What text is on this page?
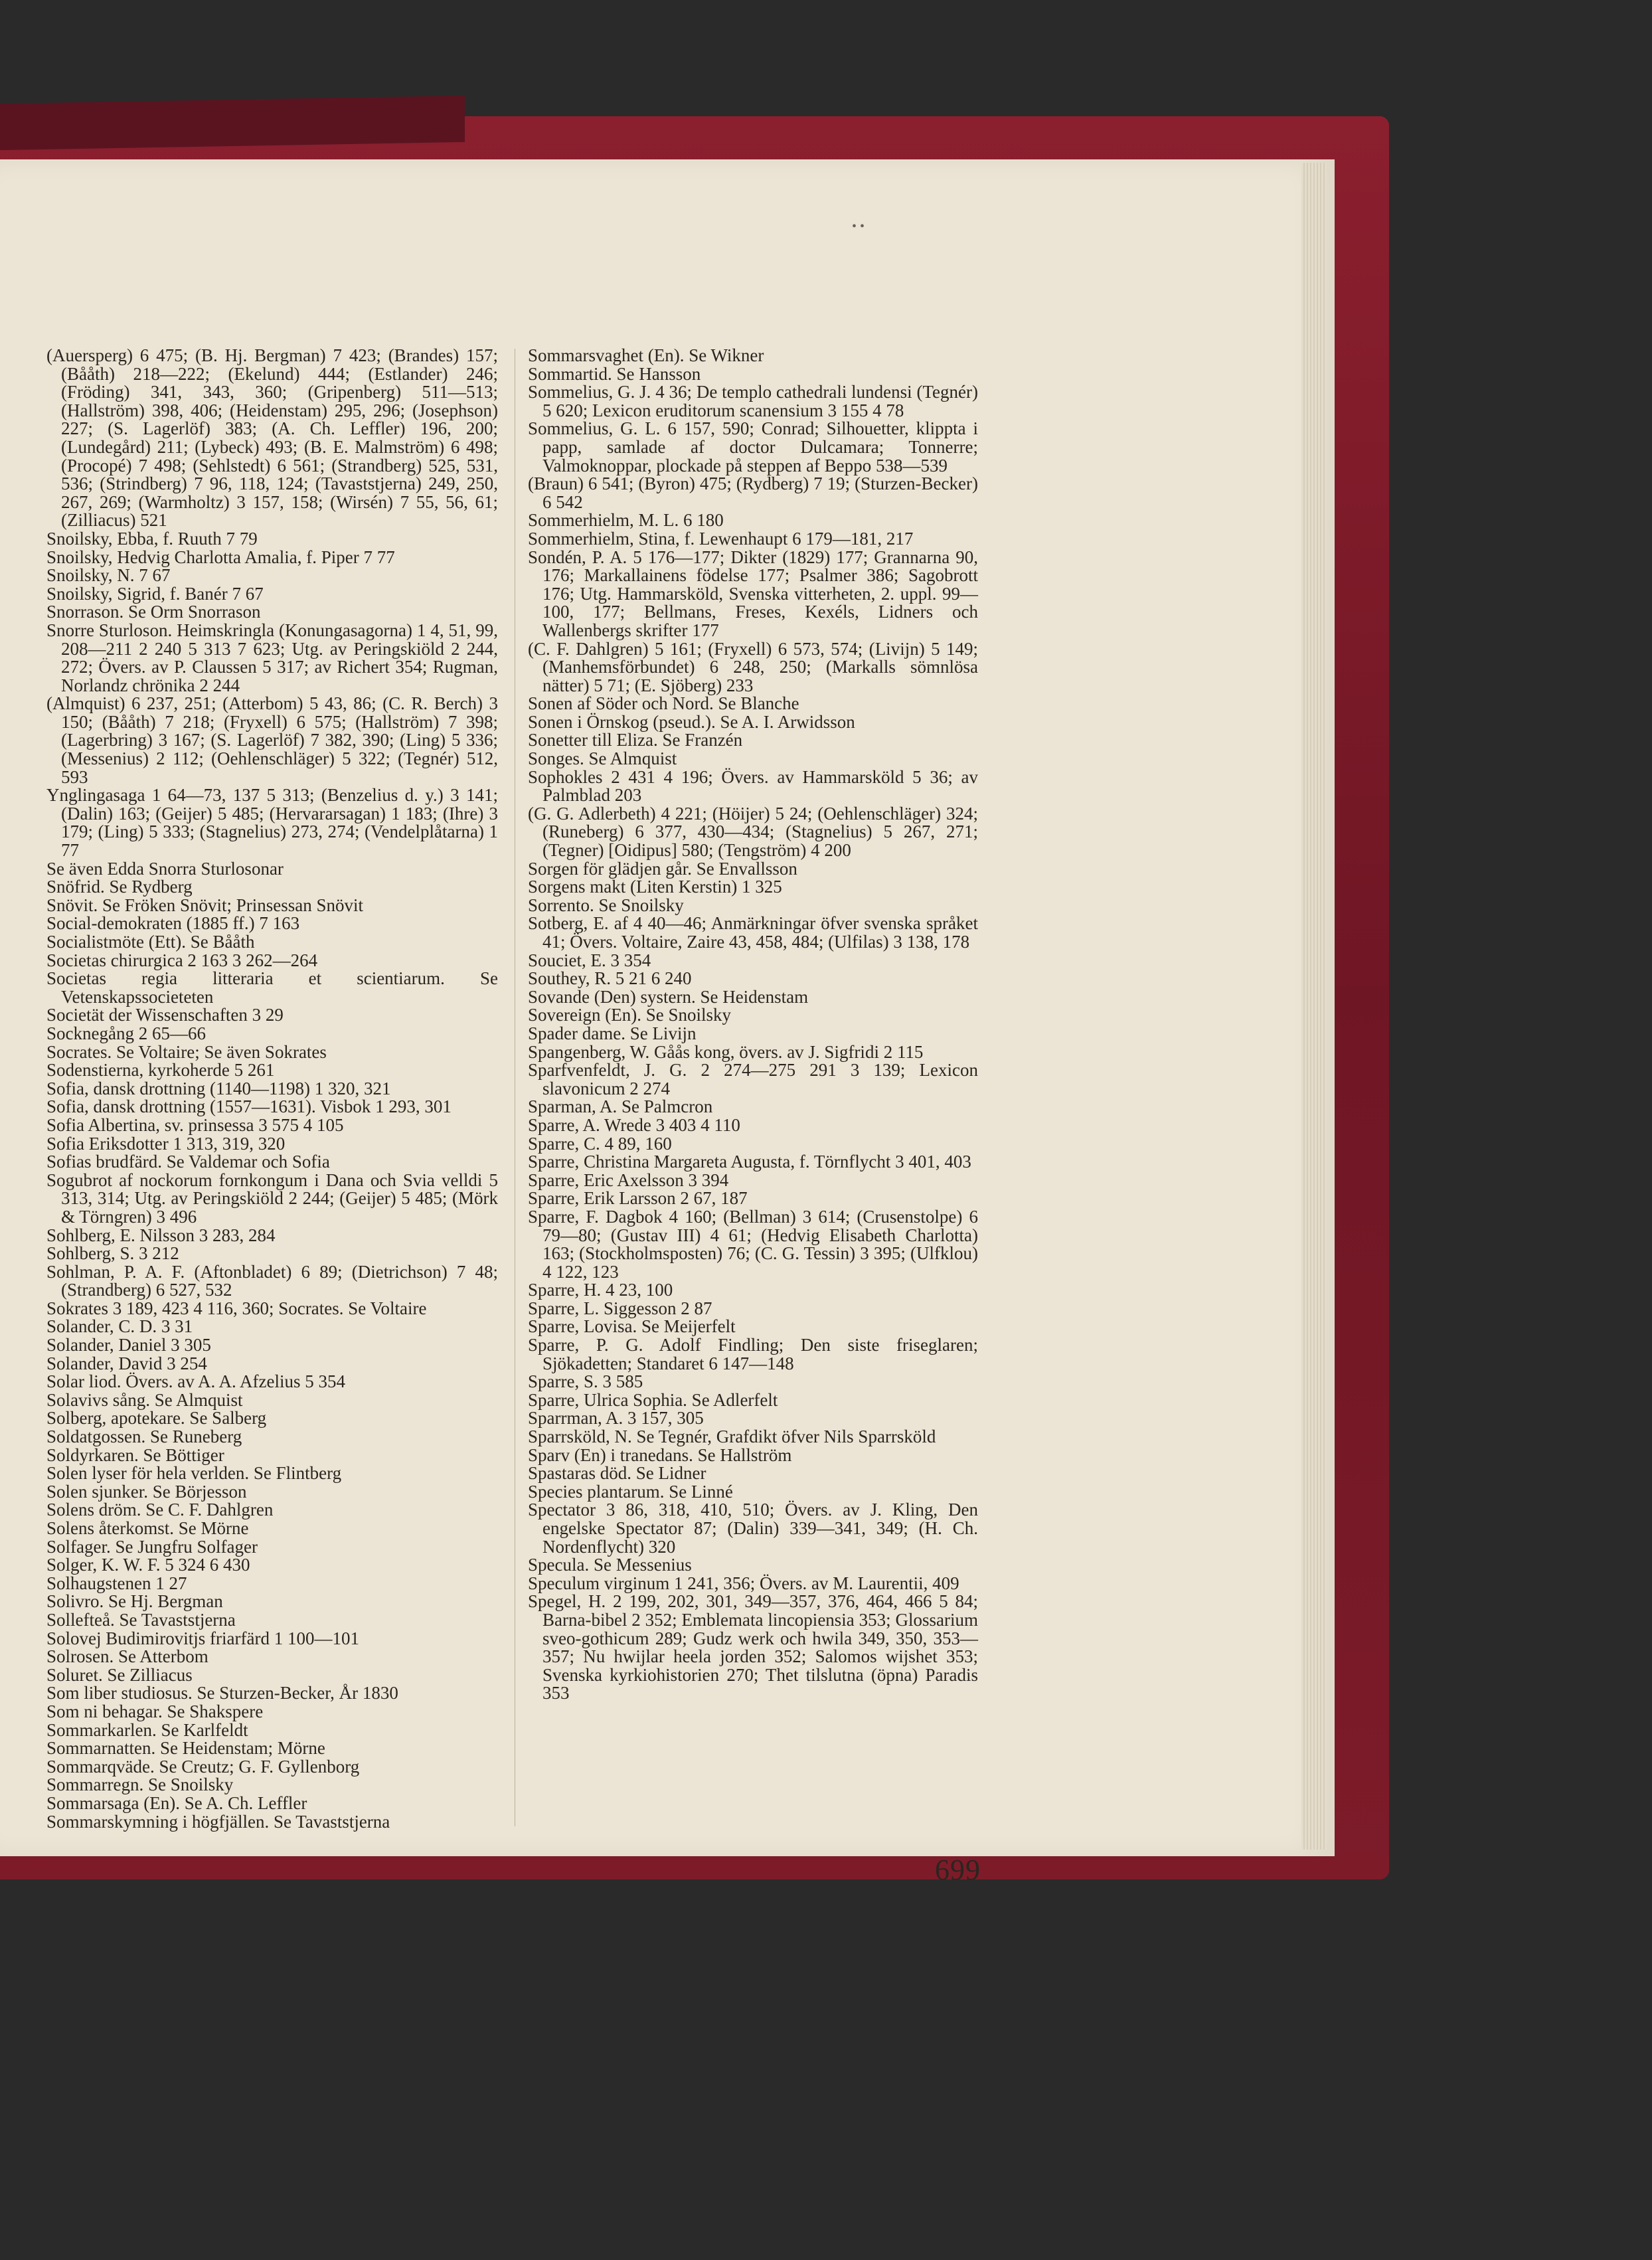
• •
(Auersperg) 6 475; (B. Hj. Bergman) 7 423; (Brandes) 157; (Bååth) 218—222; (Ekelund) 444; (Estlander) 246; (Fröding) 341, 343, 360; (Gripenberg) 511—513; (Hallström) 398, 406; (Heidenstam) 295, 296; (Josephson) 227; (S. Lagerlöf) 383; (A. Ch. Leffler) 196, 200; (Lundegård) 211; (Lybeck) 493; (B. E. Malmström) 6 498; (Procopé) 7 498; (Sehlstedt) 6 561; (Strandberg) 525, 531, 536; (Strindberg) 7 96, 118, 124; (Tavaststjerna) 249, 250, 267, 269; (Warmholtz) 3 157, 158; (Wirsén) 7 55, 56, 61; (Zilliacus) 521
Snoilsky, Ebba, f. Ruuth 7 79
Snoilsky, Hedvig Charlotta Amalia, f. Piper 7 77
Snoilsky, N. 7 67
Snoilsky, Sigrid, f. Banér 7 67
Snorrason. Se Orm Snorrason
Snorre Sturloson. Heimskringla (Konungasagorna) 1 4, 51, 99, 208—211 2 240 5 313 7 623; Utg. av Peringskiöld 2 244, 272; Övers. av P. Claussen 5 317; av Richert 354; Rugman, Norlandz chrönika 2 244
(Almquist) 6 237, 251; (Atterbom) 5 43, 86; (C. R. Berch) 3 150; (Bååth) 7 218; (Fryxell) 6 575; (Hallström) 7 398; (Lagerbring) 3 167; (S. Lagerlöf) 7 382, 390; (Ling) 5 336; (Messenius) 2 112; (Oehlenschläger) 5 322; (Tegnér) 512, 593
Ynglingasaga 1 64—73, 137 5 313; (Benzelius d. y.) 3 141; (Dalin) 163; (Geijer) 5 485; (Hervararsagan) 1 183; (Ihre) 3 179; (Ling) 5 333; (Stagnelius) 273, 274; (Vendelplåtarna) 1 77
Se även Edda Snorra Sturlosonar
Snöfrid. Se Rydberg
Snövit. Se Fröken Snövit; Prinsessan Snövit
Social-demokraten (1885 ff.) 7 163
Socialistmöte (Ett). Se Bååth
Societas chirurgica 2 163 3 262—264
Societas regia litteraria et scientiarum. Se Vetenskapssocieteten
Societät der Wissenschaften 3 29
Socknegång 2 65—66
Socrates. Se Voltaire; Se även Sokrates
Sodenstierna, kyrkoherde 5 261
Sofia, dansk drottning (1140—1198) 1 320, 321
Sofia, dansk drottning (1557—1631). Visbok 1 293, 301
Sofia Albertina, sv. prinsessa 3 575 4 105
Sofia Eriksdotter 1 313, 319, 320
Sofias brudfärd. Se Valdemar och Sofia
Sogubrot af nockorum fornkongum i Dana och Svia velldi 5 313, 314; Utg. av Peringskiöld 2 244; (Geijer) 5 485; (Mörk & Törngren) 3 496
Sohlberg, E. Nilsson 3 283, 284
Sohlberg, S. 3 212
Sohlman, P. A. F. (Aftonbladet) 6 89; (Dietrichson) 7 48; (Strandberg) 6 527, 532
Sokrates 3 189, 423 4 116, 360; Socrates. Se Voltaire
Solander, C. D. 3 31
Solander, Daniel 3 305
Solander, David 3 254
Solar liod. Övers. av A. A. Afzelius 5 354
Solavivs sång. Se Almquist
Solberg, apotekare. Se Salberg
Soldatgossen. Se Runeberg
Soldyrkaren. Se Böttiger
Solen lyser för hela verlden. Se Flintberg
Solen sjunker. Se Börjesson
Solens dröm. Se C. F. Dahlgren
Solens återkomst. Se Mörne
Solfager. Se Jungfru Solfager
Solger, K. W. F. 5 324 6 430
Solhaugstenen 1 27
Solivro. Se Hj. Bergman
Sollefteå. Se Tavaststjerna
Solovej Budimirovitjs friarfärd 1 100—101
Solrosen. Se Atterbom
Soluret. Se Zilliacus
Som liber studiosus. Se Sturzen-Becker, År 1830
Som ni behagar. Se Shakspere
Sommarkarlen. Se Karlfeldt
Sommarnatten. Se Heidenstam; Mörne
Sommarqväde. Se Creutz; G. F. Gyllenborg
Sommarregn. Se Snoilsky
Sommarsaga (En). Se A. Ch. Leffler
Sommarskymning i högfjällen. Se Tavaststjerna
Sommarsvaghet (En). Se Wikner
Sommartid. Se Hansson
Sommelius, G. J. 4 36; De templo cathedrali lundensi (Tegnér) 5 620; Lexicon eruditorum scanensium 3 155 4 78
Sommelius, G. L. 6 157, 590; Conrad; Silhouetter, klippta i papp, samlade af doctor Dulcamara; Tonnerre; Valmoknoppar, plockade på steppen af Beppo 538—539
(Braun) 6 541; (Byron) 475; (Rydberg) 7 19; (Sturzen-Becker) 6 542
Sommerhielm, M. L. 6 180
Sommerhielm, Stina, f. Lewenhaupt 6 179—181, 217
Sondén, P. A. 5 176—177; Dikter (1829) 177; Grannarna 90, 176; Markallainens födelse 177; Psalmer 386; Sagobrott 176; Utg. Hammarsköld, Svenska vitterheten, 2. uppl. 99—100, 177; Bellmans, Freses, Kexéls, Lidners och Wallenbergs skrifter 177
(C. F. Dahlgren) 5 161; (Fryxell) 6 573, 574; (Livijn) 5 149; (Manhemsförbundet) 6 248, 250; (Markalls sömnlösa nätter) 5 71; (E. Sjöberg) 233
Sonen af Söder och Nord. Se Blanche
Sonen i Örnskog (pseud.). Se A. I. Arwidsson
Sonetter till Eliza. Se Franzén
Songes. Se Almquist
Sophokles 2 431 4 196; Övers. av Hammarsköld 5 36; av Palmblad 203
(G. G. Adlerbeth) 4 221; (Höijer) 5 24; (Oehlenschläger) 324; (Runeberg) 6 377, 430—434; (Stagnelius) 5 267, 271; (Tegner) [Oidipus] 580; (Tengström) 4 200
Sorgen för glädjen går. Se Envallsson
Sorgens makt (Liten Kerstin) 1 325
Sorrento. Se Snoilsky
Sotberg, E. af 4 40—46; Anmärkningar öfver svenska språket 41; Övers. Voltaire, Zaire 43, 458, 484; (Ulfilas) 3 138, 178
Souciet, E. 3 354
Southey, R. 5 21 6 240
Sovande (Den) systern. Se Heidenstam
Sovereign (En). Se Snoilsky
Spader dame. Se Livijn
Spangenberg, W. Gåås kong, övers. av J. Sigfridi 2 115
Sparfvenfeldt, J. G. 2 274—275 291 3 139; Lexicon slavonicum 2 274
Sparman, A. Se Palmcron
Sparre, A. Wrede 3 403 4 110
Sparre, C. 4 89, 160
Sparre, Christina Margareta Augusta, f. Törnflycht 3 401, 403
Sparre, Eric Axelsson 3 394
Sparre, Erik Larsson 2 67, 187
Sparre, F. Dagbok 4 160; (Bellman) 3 614; (Crusenstolpe) 6 79—80; (Gustav III) 4 61; (Hedvig Elisabeth Charlotta) 163; (Stockholmsposten) 76; (C. G. Tessin) 3 395; (Ulfklou) 4 122, 123
Sparre, H. 4 23, 100
Sparre, L. Siggesson 2 87
Sparre, Lovisa. Se Meijerfelt
Sparre, P. G. Adolf Findling; Den siste friseglaren; Sjökadetten; Standaret 6 147—148
Sparre, S. 3 585
Sparre, Ulrica Sophia. Se Adlerfelt
Sparrman, A. 3 157, 305
Sparrsköld, N. Se Tegnér, Grafdikt öfver Nils Sparrsköld
Sparv (En) i tranedans. Se Hallström
Spastaras död. Se Lidner
Species plantarum. Se Linné
Spectator 3 86, 318, 410, 510; Övers. av J. Kling, Den engelske Spectator 87; (Dalin) 339—341, 349; (H. Ch. Nordenflycht) 320
Specula. Se Messenius
Speculum virginum 1 241, 356; Övers. av M. Laurentii, 409
Spegel, H. 2 199, 202, 301, 349—357, 376, 464, 466 5 84; Barna-bibel 2 352; Emblemata lincopiensia 353; Glossarium sveo-gothicum 289; Gudz werk och hwila 349, 350, 353—357; Nu hwijlar heela jorden 352; Salomos wijshet 353; Svenska kyrkiohistorien 270; Thet tilslutna (öpna) Paradis 353
699
